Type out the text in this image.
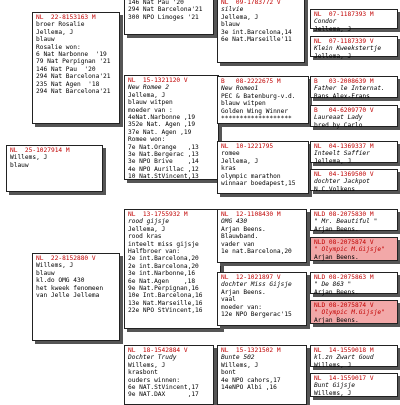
NL  25-1027914 M
Willems, J
blauw
NL  22-8153163 M
broer Rosalie
Jellema, J
blauw
Rosalie won:
6 Nat Narbonne  '19
79 Nat Perpignan '21
146 Nat Pau  '20
294 Nat Barcelona'21
235 Nat Agen  '18
294 Nat Barcelona'21
NL  22-8152880 V
Willems, J
blauw
kl.do OMG 430
het kweek fenomeen
van Jelle Jellema
146 Nat Pau '20
294 Nat Barcelona'21
300 NPO Limoges '21
NL  15-1321120 V
New Romee 2
Jellema, J
blauw witpen
moeder van :
4eNat.Narbonne ,19
352e Nat. Agen ,19
37e Nat. Agen ,19
Romee won:
7e Nat.Orange   ,13
3e Nat.Bergerac ,13
3e NPO Brive    ,14
4e NPO Aurillac ,12
10 Nat.StVincent,13
NL  13-1755932 M
rood gijsje
Jellema, J
rood kras
inteelt miss gijsje
Halfbroer van:
2e int.Barcelona,20
2e int.Barcelona,20
3e int.Narbonne,16
6e Nat.Agen    ,18
9e Nat.Perpignan,16
10e Int.Barcelona,16
13e Nat.Marseille,16
22e NPO StVincent,16
NL  18-1542884 V
Dochter Trudy
Willems, J
krasbont
ouders winnen:
6e NAT.StVincent,17
9e NAT.DAX      ,17
NL  09-1783772 V
silvie
Jellema, J
blauw
3e int.Barcelona,14
6e Nat.Marseille'11
B   08-2222675 M
New Romeo1
PEC & Batenburg-v.d.
blauw witpen
Golden Wing Winner
*******************
NL  10-1221795
romee
Jellema, J
kras
olympic marathon
winnaar boedapest,15
NL  12-1108430 M
OMG 430
Arjan Beens.
Blauwband.
vader van
1e nat.Barcelona,20
NL  12-1021897 V
dochter Miss Gijsje
Arjan Beens.
vaal
moeder van:
12e NPO Bergerac'15
NL  15-1321502 M
Bunte 502
Willems, J
bont
4e NPO cahors,17
14eNPO Albi ,16
NL  07-1187393 M
Condor
Jellema, J
NL  07-1187339 V
Klein Kweekstertje
Jellema, J
B   03-2008639 M
Father le Internat.
Rans Alex-Frans
B   04-6209770 V
Laureaat Lady
bred by Carlo
NL  04-1369337 M
Inteelt Saffier
Jellema, J
NL  04-1369500 V
dochter Jackpot
N.C.Volkens
NLD 08-2075830 M
" Mr. Beautiful "
Arjan Beens.
NLD 08-2075874 V
" Olympic M.Gijsje"
Arjan Beens.
NLD 08-2075863 M
" De 863 "
Arjan Beens.
NLD 08-2075874 V
" Olympic M.Gijsje"
Arjan Beens.
NL  14-1559018 M
kl.zn Zwart Goud
Willems, J
NL  14-1559017 V
Bunt Gijsje
Willems, J
